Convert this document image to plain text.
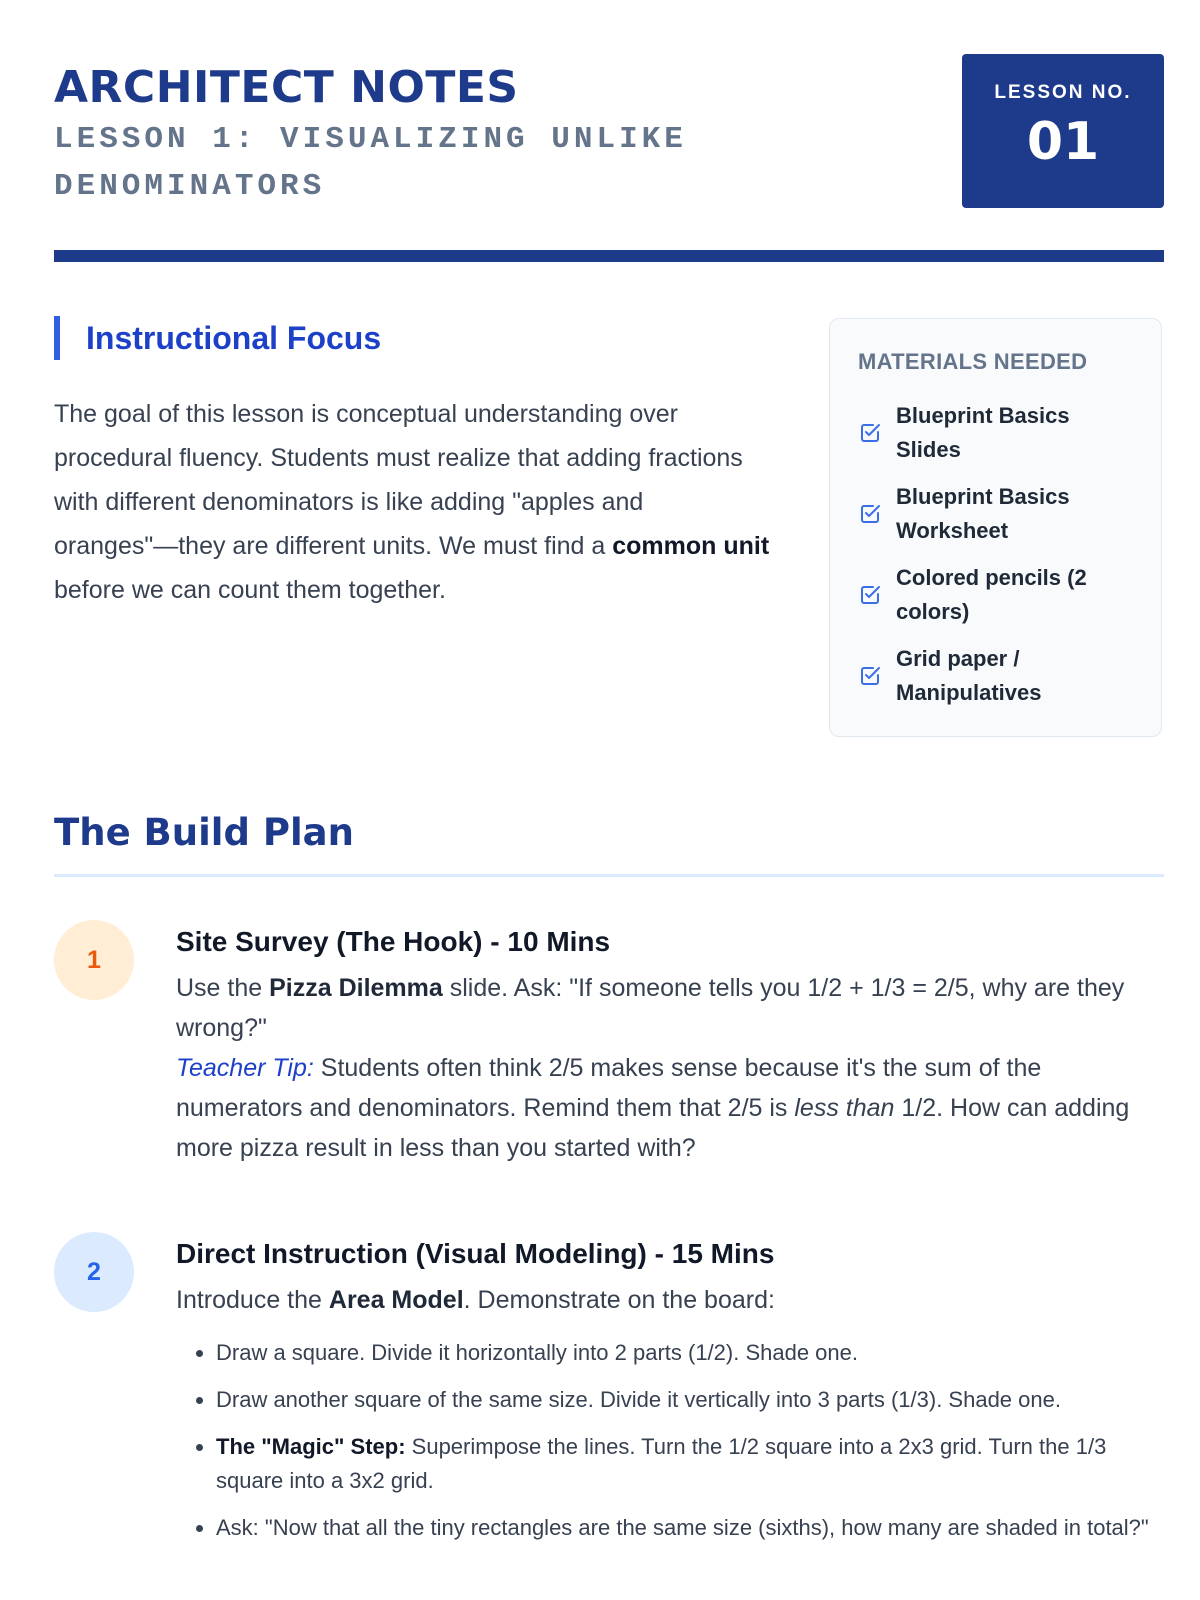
ARCHITECT NOTES

LESSON 1: VISUALIZING UNLIKE DENOMINATORS

LESSON NO.
01
Instructional Focus

The goal of this lesson is conceptual understanding over procedural fluency. Students must realize that adding fractions with different denominators is like adding "apples and oranges"—they are different units. We must find a common unit before we can count them together.

MATERIALS NEEDED
Blueprint Basics Slides
Blueprint Basics Worksheet
Colored pencils (2 colors)
Grid paper / Manipulatives
The Build Plan
1
Site Survey (The Hook) - 10 Mins

Use the Pizza Dilemma slide. Ask: "If someone tells you 1/2 + 1/3 = 2/5, why are they wrong?"

Teacher Tip: Students often think 2/5 makes sense because it's the sum of the numerators and denominators. Remind them that 2/5 is less than 1/2. How can adding more pizza result in less than you started with?

2
Direct Instruction (Visual Modeling) - 15 Mins

Introduce the Area Model. Demonstrate on the board:

• Draw a square. Divide it horizontally into 2 parts (1/2). Shade one.
• Draw another square of the same size. Divide it vertically into 3 parts (1/3). Shade one.
• The "Magic" Step: Superimpose the lines. Turn the 1/2 square into a 2x3 grid. Turn the 1/3 square into a 3x2 grid.
• Ask: "Now that all the tiny rectangles are the same size (sixths), how many are shaded in total?"
